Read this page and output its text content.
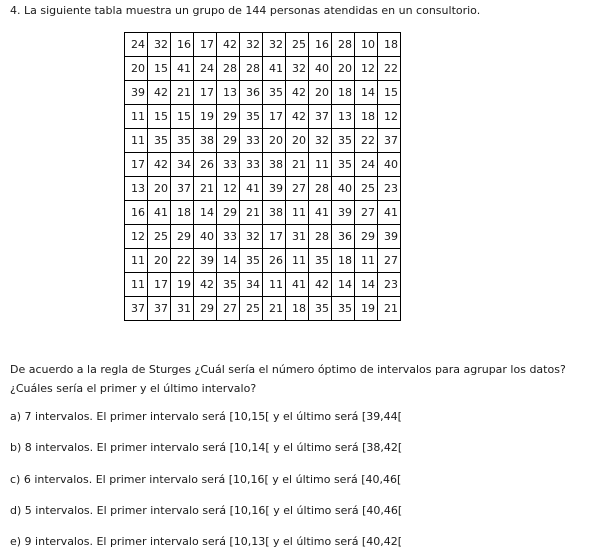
4. La siguiente tabla muestra un grupo de 144 personas atendidas en un consultorio.
24	32	16	17	42	32	32	25	16	28	10	18
20	15	41	24	28	28	41	32	40	20	12	22
39	42	21	17	13	36	35	42	20	18	14	15
11	15	15	19	29	35	17	42	37	13	18	12
11	35	35	38	29	33	20	20	32	35	22	37
17	42	34	26	33	33	38	21	11	35	24	40
13	20	37	21	12	41	39	27	28	40	25	23
16	41	18	14	29	21	38	11	41	39	27	41
12	25	29	40	33	32	17	31	28	36	29	39
11	20	22	39	14	35	26	11	35	18	11	27
11	17	19	42	35	34	11	41	42	14	14	23
37	37	31	29	27	25	21	18	35	35	19	21
De acuerdo a la regla de Sturges ¿Cuál sería el número óptimo de intervalos para agrupar los datos?
¿Cuáles sería el primer y el último intervalo?
a) 7 intervalos. El primer intervalo será [10,15[ y el último será [39,44[
b) 8 intervalos. El primer intervalo será [10,14[ y el último será [38,42[
c) 6 intervalos. El primer intervalo será [10,16[ y el último será [40,46[
d) 5 intervalos. El primer intervalo será [10,16[ y el último será [40,46[
e) 9 intervalos. El primer intervalo será [10,13[ y el último será [40,42[
